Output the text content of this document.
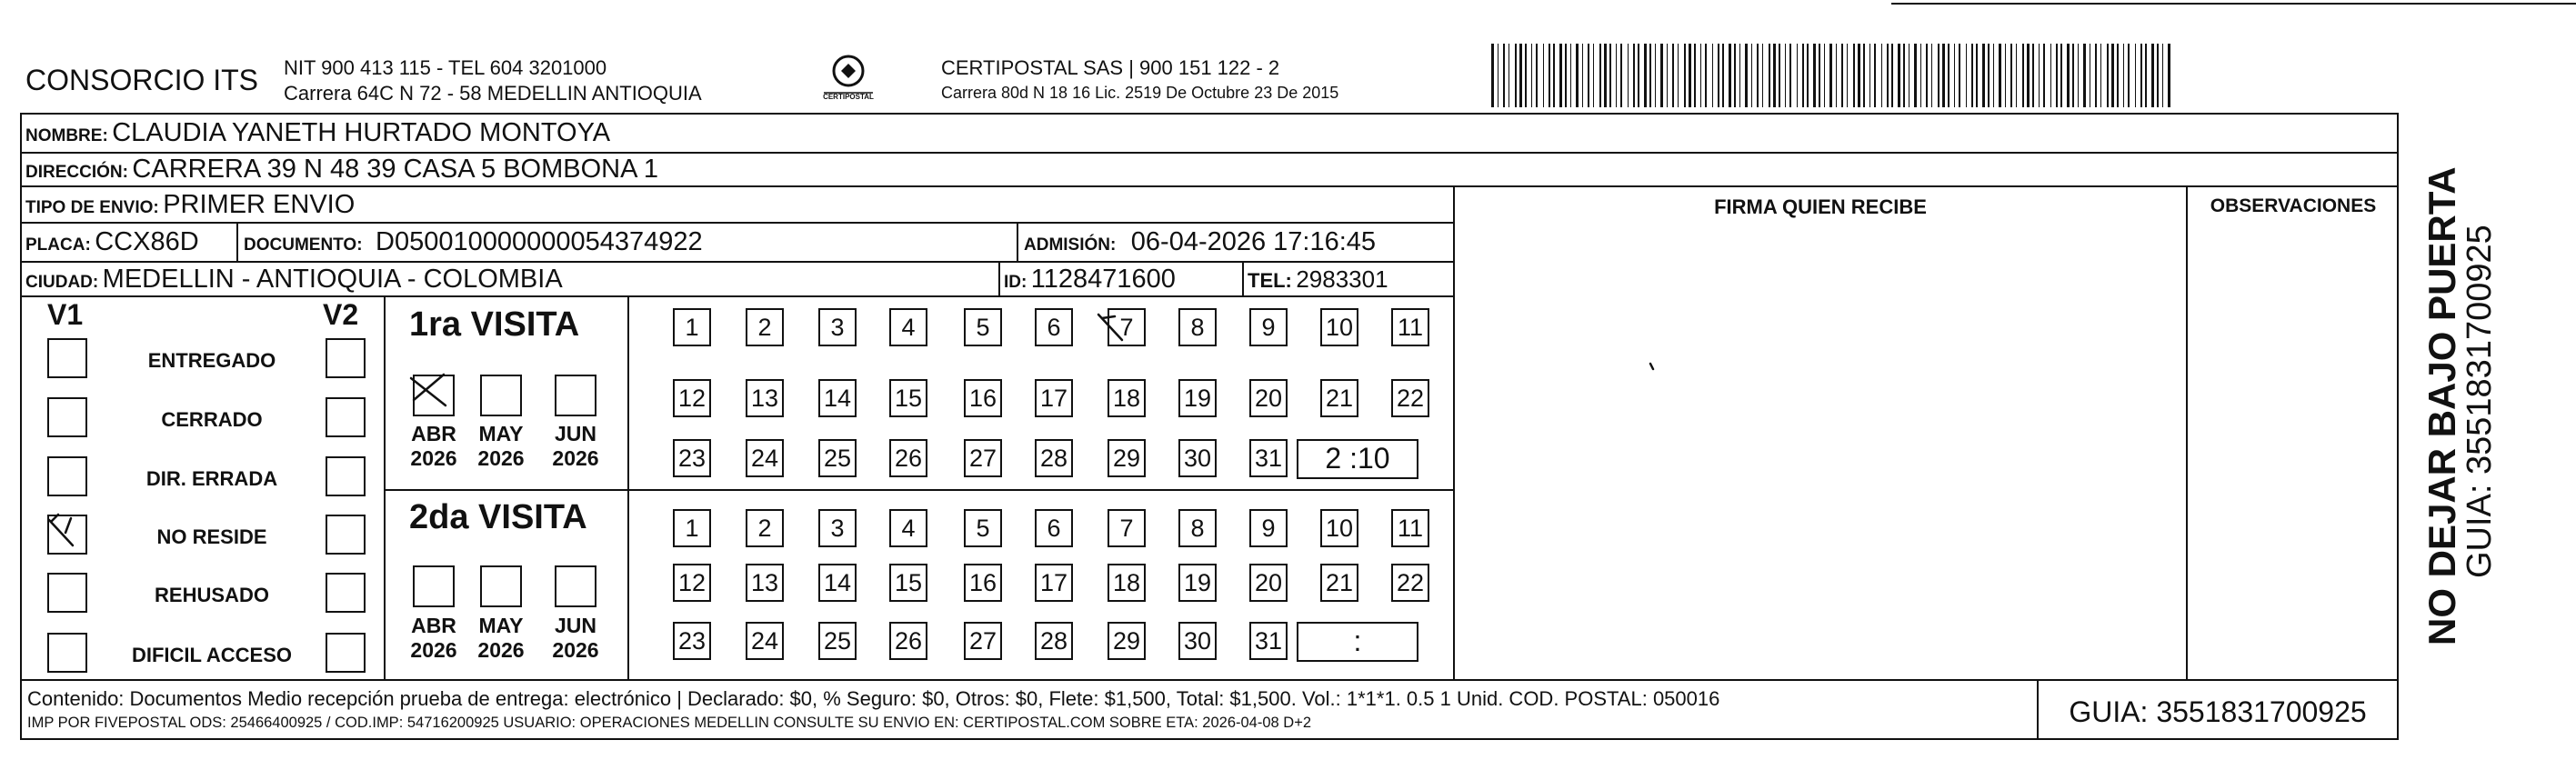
CONSORCIO ITS NIT 900 413 115 - TEL 604 3201000
Carrera 64C N 72 - 58 MEDELLIN ANTIOQUIA	CERTIPOSTAL
CERTIPOSTAL SAS | 900 151 122 - 2
Carrera 80d N 18 16 Lic. 2519 De Octubre 23 De 2015
NOMBRE: CLAUDIA YANETH HURTADO MONTOYA
DIRECCIÓN: CARRERA 39 N 48 39 CASA 5 BOMBONA 1
TIPO DE ENVIO: PRIMER ENVIO	FIRMA QUIEN RECIBE	OBSERVACIONES
PLACA: CCX86D	DOCUMENTO: D050010000000054374922	ADMISIÓN: 06-04-2026 17:16:45
CIUDAD: MEDELLIN - ANTIOQUIA - COLOMBIA	ID: 1128471600	TEL: 2983301
V1	V2
ENTREGADO
CERRADO
DIR. ERRADA
NO RESIDE
REHUSADO
DIFICIL ACCESO
1ra VISITA
2da VISITA
ABR
2026
MAY
2026
JUN
2026
1	2	3	4	5	6	7	8	9	10 11
12 13 14 15 16 17 18 19 20 21 22
23 24 25 26 27 28 29 30 31	2 :10
ABR
2026
MAY
2026
JUN
2026
1	2	3	4	5	6	7	8	9	10 11
12 13 14 15 16 17 18 19 20 21 22
23 24 25 26 27 28 29 30 31	:
Contenido: Documentos Medio recepción prueba de entrega: electrónico | Declarado: $0, % Seguro: $0, Otros: $0, Flete: $1,500, Total: $1,500. Vol.: 1*1*1. 0.5 1 Unid. COD. POSTAL: 050016
IMP POR FIVEPOSTAL ODS: 25466400925 / COD.IMP: 54716200925 USUARIO: OPERACIONES MEDELLIN CONSULTE SU ENVIO EN: CERTIPOSTAL.COM SOBRE ETA: 2026-04-08 D+2	GUIA: 3551831700925
NO DEJAR BAJO PUERTA
GUIA: 3551831700925
